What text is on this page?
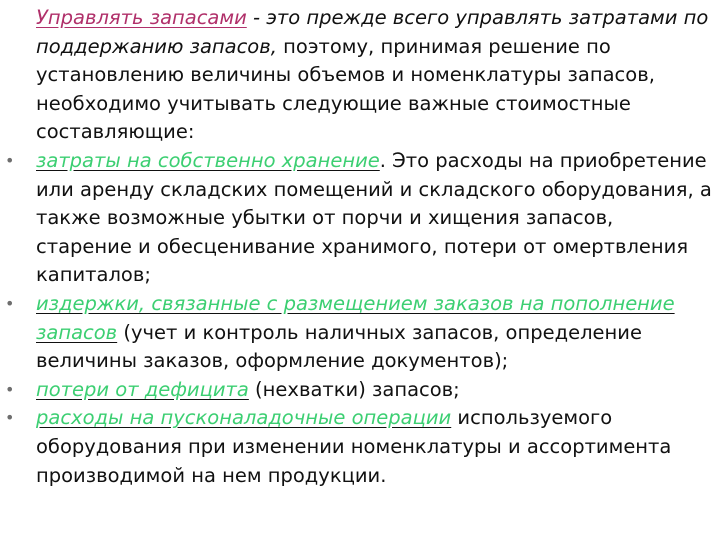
Управлять запасами - это прежде всего управлять затратами по поддержанию запасов, поэтому, принимая решение по установлению величины объемов и номенклатуры запасов, необходимо учитывать следующие важные стоимостные составляющие:

• затраты на собственно хранение. Это расходы на приобретение или аренду складских помещений и складского оборудования, а также возможные убытки от порчи и хищения запасов, старение и обесценивание хранимого, потери от омертвления капиталов;

• издержки, связанные с размещением заказов на пополнение запасов (учет и контроль наличных запасов, определение величины заказов, оформление документов);

• потери от дефицита (нехватки) запасов;

• расходы на пусконаладочные операции используемого оборудования при изменении номенклатуры и ассортимента производимой на нем продукции.
